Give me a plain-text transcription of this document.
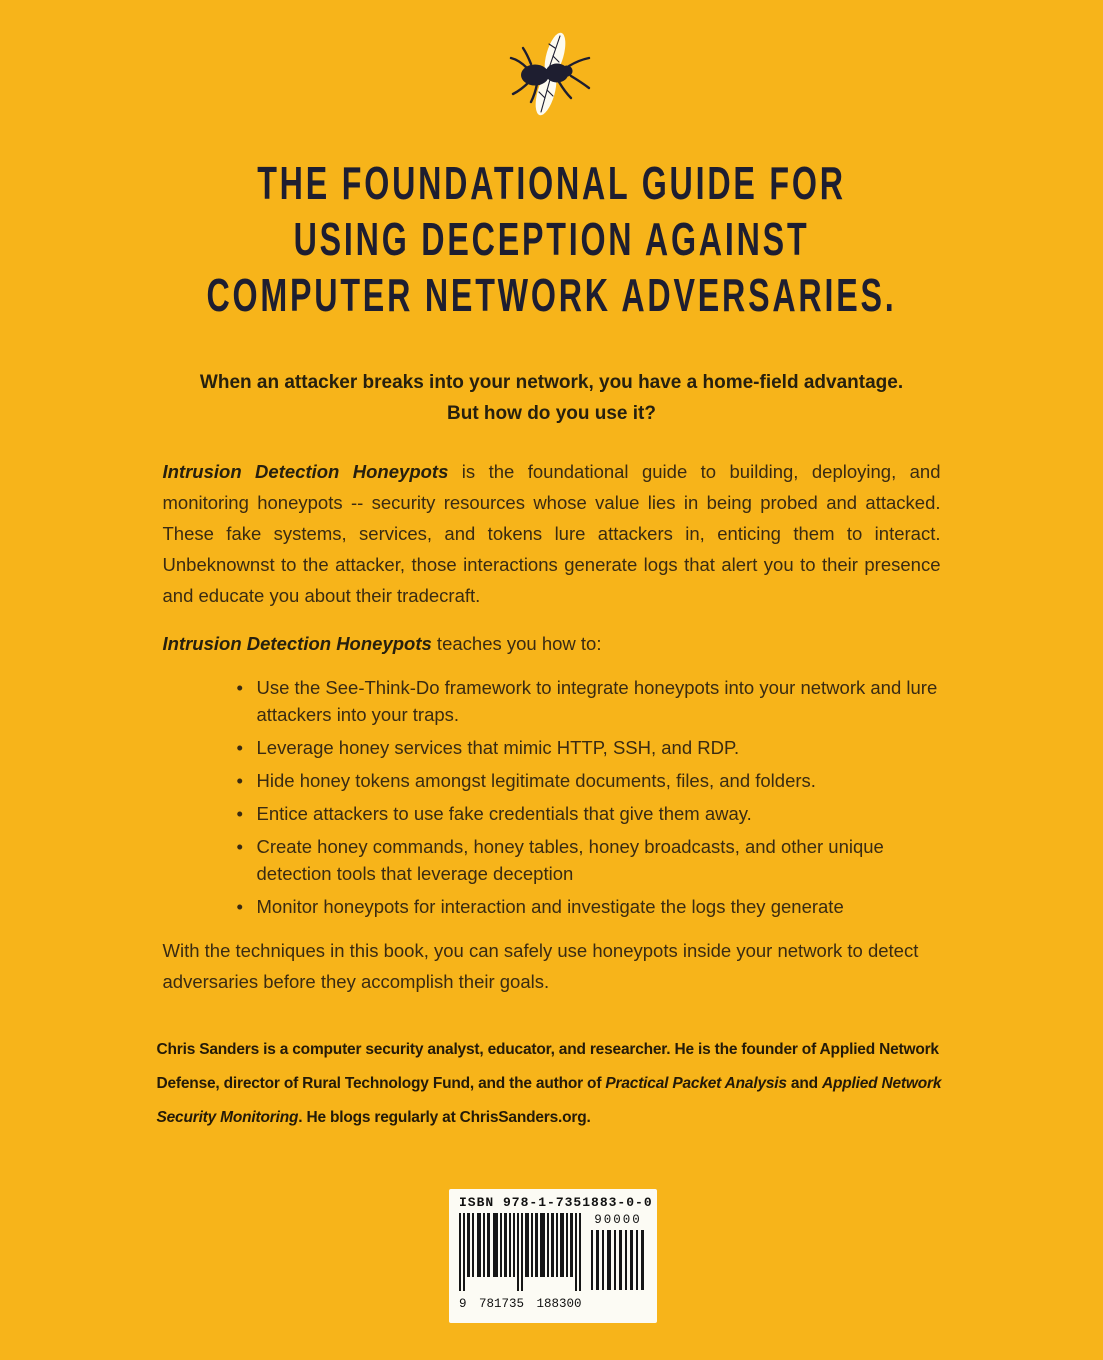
THE FOUNDATIONAL GUIDE FOR
USING DECEPTION AGAINST
COMPUTER NETWORK ADVERSARIES.
When an attacker breaks into your network, you have a home-field advantage.
But how do you use it?

Intrusion Detection Honeypots is the foundational guide to building, deploying, and monitoring honeypots -- security resources whose value lies in being probed and attacked. These fake systems, services, and tokens lure attackers in, enticing them to interact. Unbeknownst to the attacker, those interactions generate logs that alert you to their presence and educate you about their tradecraft.

Intrusion Detection Honeypots teaches you how to:

• Use the See-Think-Do framework to integrate honeypots into your network and lure attackers into your traps.
• Leverage honey services that mimic HTTP, SSH, and RDP.
• Hide honey tokens amongst legitimate documents, files, and folders.
• Entice attackers to use fake credentials that give them away.
• Create honey commands, honey tables, honey broadcasts, and other unique detection tools that leverage deception
• Monitor honeypots for interaction and investigate the logs they generate

With the techniques in this book, you can safely use honeypots inside your network to detect adversaries before they accomplish their goals.

Chris Sanders is a computer security analyst, educator, and researcher. He is the founder of Applied Network Defense, director of Rural Technology Fund, and the author of Practical Packet Analysis and Applied Network Security Monitoring. He blogs regularly at ChrisSanders.org.

ISBN 978-1-7351883-0-0
9 781735 188300
90000
